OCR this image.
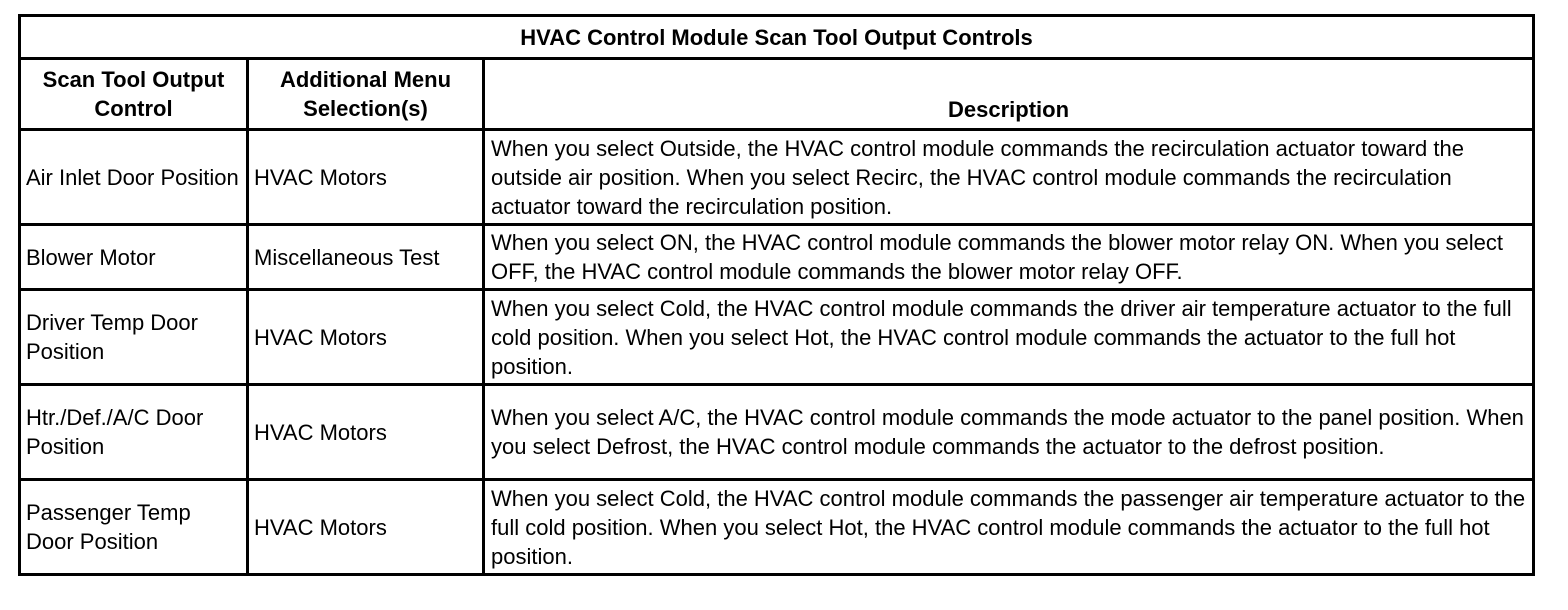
HVAC Control Module Scan Tool Output Controls		
Scan Tool Output Control	Additional Menu Selection(s)	Description
Air Inlet Door Position	HVAC Motors	When you select Outside, the HVAC control module commands the recirculation actuator toward the outside air position. When you select Recirc, the HVAC control module commands the recirculation actuator toward the recirculation position.
Blower Motor	Miscellaneous Test	When you select ON, the HVAC control module commands the blower motor relay ON. When you select OFF, the HVAC control module commands the blower motor relay OFF.
Driver Temp Door Position	HVAC Motors	When you select Cold, the HVAC control module commands the driver air temperature actuator to the full cold position. When you select Hot, the HVAC control module commands the actuator to the full hot position.
Htr./Def./A/C Door Position	HVAC Motors	When you select A/C, the HVAC control module commands the mode actuator to the panel position. When you select Defrost, the HVAC control module commands the actuator to the defrost position.
Passenger Temp Door Position	HVAC Motors	When you select Cold, the HVAC control module commands the passenger air temperature actuator to the full cold position. When you select Hot, the HVAC control module commands the actuator to the full hot position.
